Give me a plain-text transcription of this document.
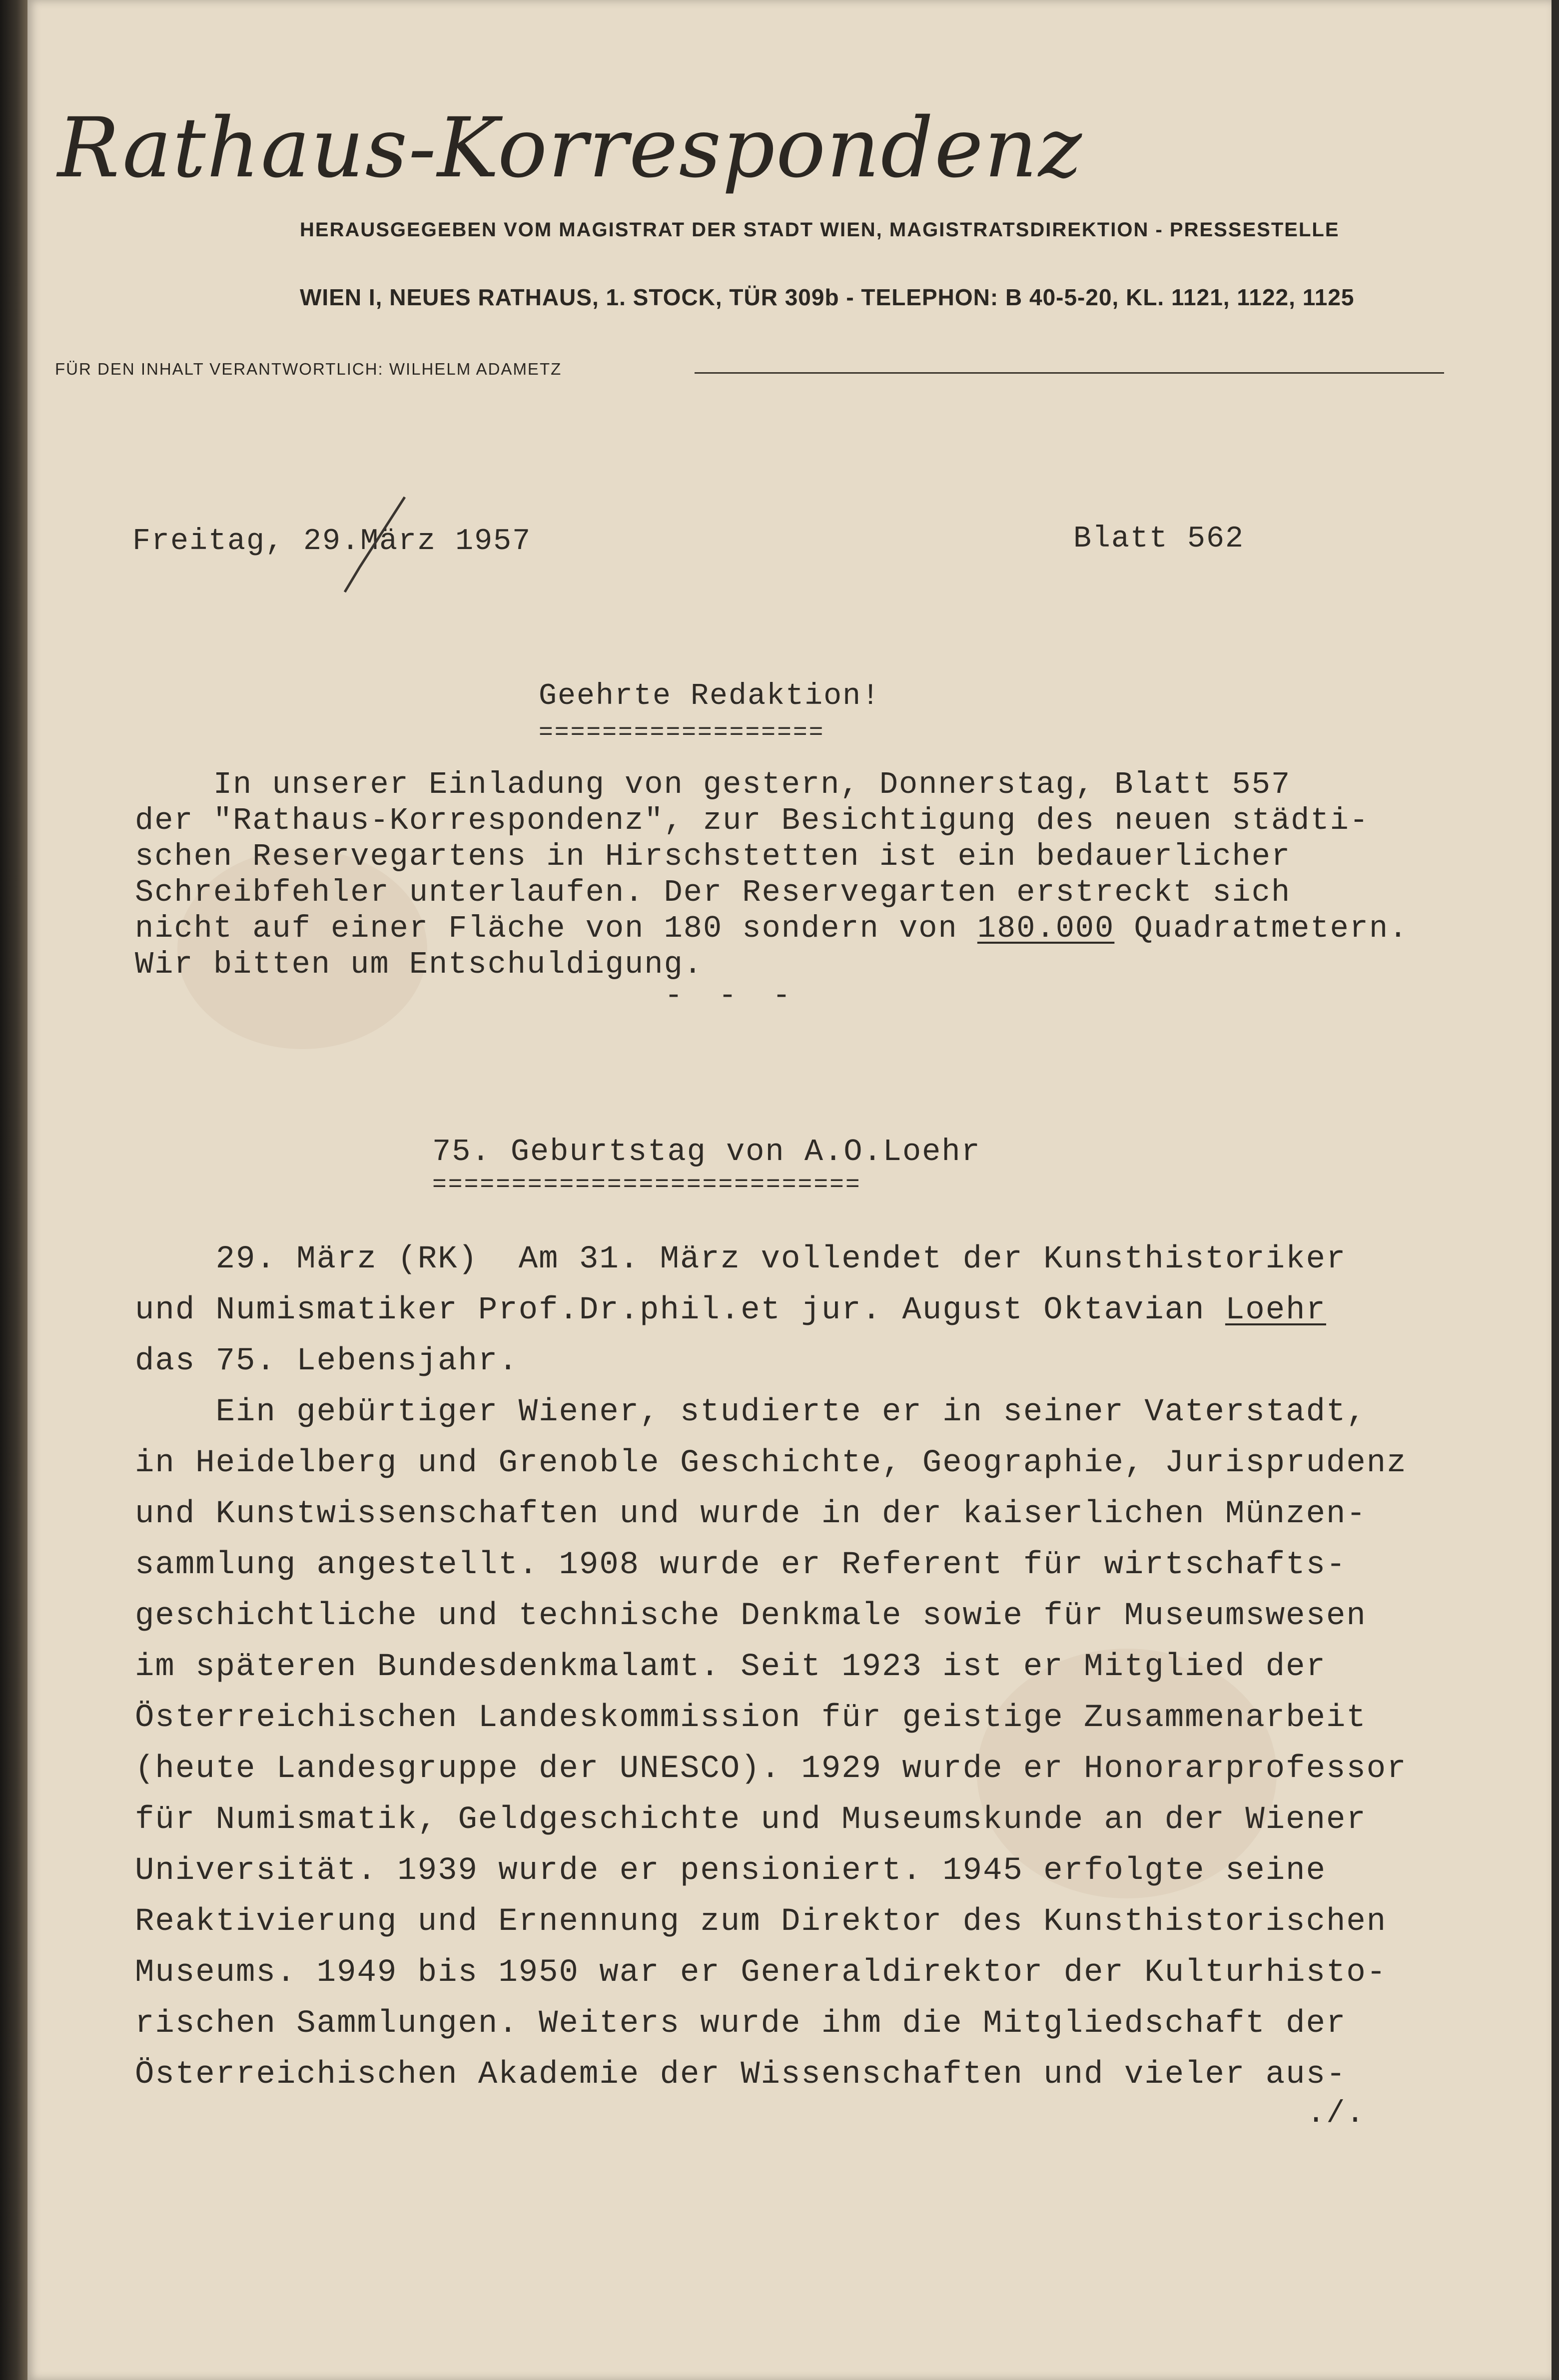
Rathaus-Korrespondenz
HERAUSGEGEBEN VOM MAGISTRAT DER STADT WIEN, MAGISTRATSDIREKTION - PRESSESTELLE
WIEN I, NEUES RATHAUS, 1. STOCK, TÜR 309b - TELEPHON: B 40-5-20, KL. 1121, 1122, 1125
FÜR DEN INHALT VERANTWORTLICH: WILHELM ADAMETZ
Freitag, 29.März 1957	Blatt 562
Geehrte Redaktion!
==================
In unserer Einladung von gestern, Donnerstag, Blatt 557
der "Rathaus-Korrespondenz", zur Besichtigung des neuen städti-
schen Reservegartens in Hirschstetten ist ein bedauerlicher
Schreibfehler unterlaufen. Der Reservegarten erstreckt sich
nicht auf einer Fläche von 180 sondern von 180.000 Quadratmetern.
Wir bitten um Entschuldigung.
- - -
75. Geburtstag von A.O.Loehr
===========================
29. März (RK)  Am 31. März vollendet der Kunsthistoriker
und Numismatiker Prof.Dr.phil.et jur. August Oktavian Loehr
das 75. Lebensjahr.
Ein gebürtiger Wiener, studierte er in seiner Vaterstadt,
in Heidelberg und Grenoble Geschichte, Geographie, Jurisprudenz
und Kunstwissenschaften und wurde in der kaiserlichen Münzen-
sammlung angestellt. 1908 wurde er Referent für wirtschafts-
geschichtliche und technische Denkmale sowie für Museumswesen
im späteren Bundesdenkmalamt. Seit 1923 ist er Mitglied der
Österreichischen Landeskommission für geistige Zusammenarbeit
(heute Landesgruppe der UNESCO). 1929 wurde er Honorarprofessor
für Numismatik, Geldgeschichte und Museumskunde an der Wiener
Universität. 1939 wurde er pensioniert. 1945 erfolgte seine
Reaktivierung und Ernennung zum Direktor des Kunsthistorischen
Museums. 1949 bis 1950 war er Generaldirektor der Kulturhisto-
rischen Sammlungen. Weiters wurde ihm die Mitgliedschaft der
Österreichischen Akademie der Wissenschaften und vieler aus-
./.
